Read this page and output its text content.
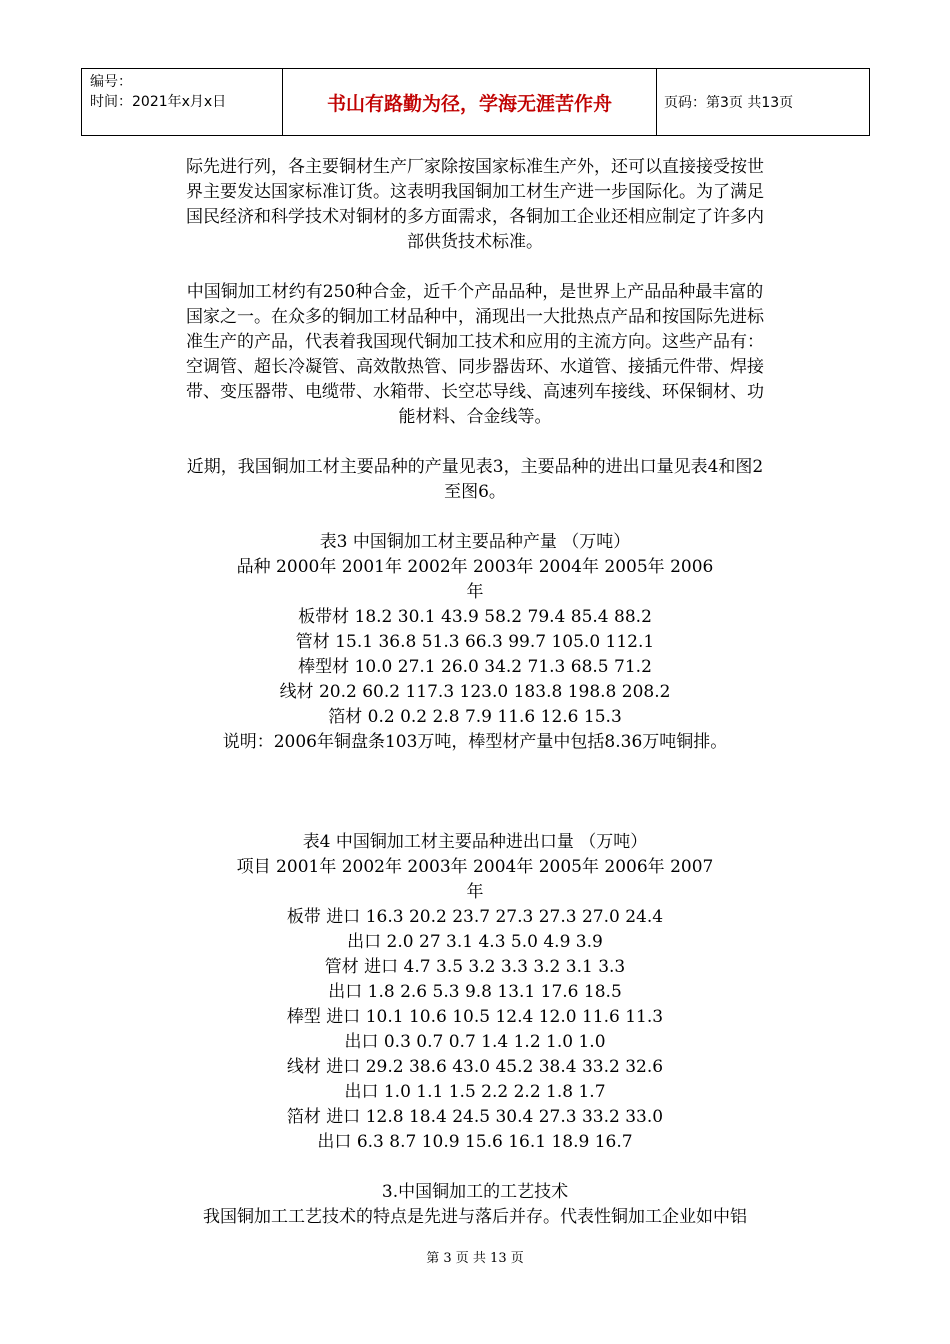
编号：
时间：2021年x月x日	书山有路勤为径，学海无涯苦作舟	页码：第3页 共13页

际先进行列，各主要铜材生产厂家除按国家标准生产外，还可以直接接受按世

界主要发达国家标准订货。这表明我国铜加工材生产进一步国际化。为了满足

国民经济和科学技术对铜材的多方面需求，各铜加工企业还相应制定了许多内

部供货技术标准。

中国铜加工材约有250种合金，近千个产品品种，是世界上产品品种最丰富的

国家之一。在众多的铜加工材品种中，涌现出一大批热点产品和按国际先进标

准生产的产品，代表着我国现代铜加工技术和应用的主流方向。这些产品有：

空调管、超长冷凝管、高效散热管、同步器齿环、水道管、接插元件带、焊接

带、变压器带、电缆带、水箱带、长空芯导线、高速列车接线、环保铜材、功

能材料、合金线等。

近期，我国铜加工材主要品种的产量见表3，主要品种的进出口量见表4和图2

至图6。

表3 中国铜加工材主要品种产量 （万吨）

品种 2000年 2001年 2002年 2003年 2004年 2005年 2006

年

板带材 18.2 30.1 43.9 58.2 79.4 85.4 88.2

管材 15.1 36.8 51.3 66.3 99.7 105.0 112.1

棒型材 10.0 27.1 26.0 34.2 71.3 68.5 71.2

线材 20.2 60.2 117.3 123.0 183.8 198.8 208.2

箔材 0.2 0.2 2.8 7.9 11.6 12.6 15.3

说明：2006年铜盘条103万吨，棒型材产量中包括8.36万吨铜排。

表4 中国铜加工材主要品种进出口量 （万吨）

项目 2001年 2002年 2003年 2004年 2005年 2006年 2007

年

板带 进口 16.3 20.2 23.7 27.3 27.3 27.0 24.4

出口 2.0 27 3.1 4.3 5.0 4.9 3.9

管材 进口 4.7 3.5 3.2 3.3 3.2 3.1 3.3

出口 1.8 2.6 5.3 9.8 13.1 17.6 18.5

棒型 进口 10.1 10.6 10.5 12.4 12.0 11.6 11.3

出口 0.3 0.7 0.7 1.4 1.2 1.0 1.0

线材 进口 29.2 38.6 43.0 45.2 38.4 33.2 32.6

出口 1.0 1.1 1.5 2.2 2.2 1.8 1.7

箔材 进口 12.8 18.4 24.5 30.4 27.3 33.2 33.0

出口 6.3 8.7 10.9 15.6 16.1 18.9 16.7

3.中国铜加工的工艺技术

我国铜加工工艺技术的特点是先进与落后并存。代表性铜加工企业如中铝

第 3 页 共 13 页
